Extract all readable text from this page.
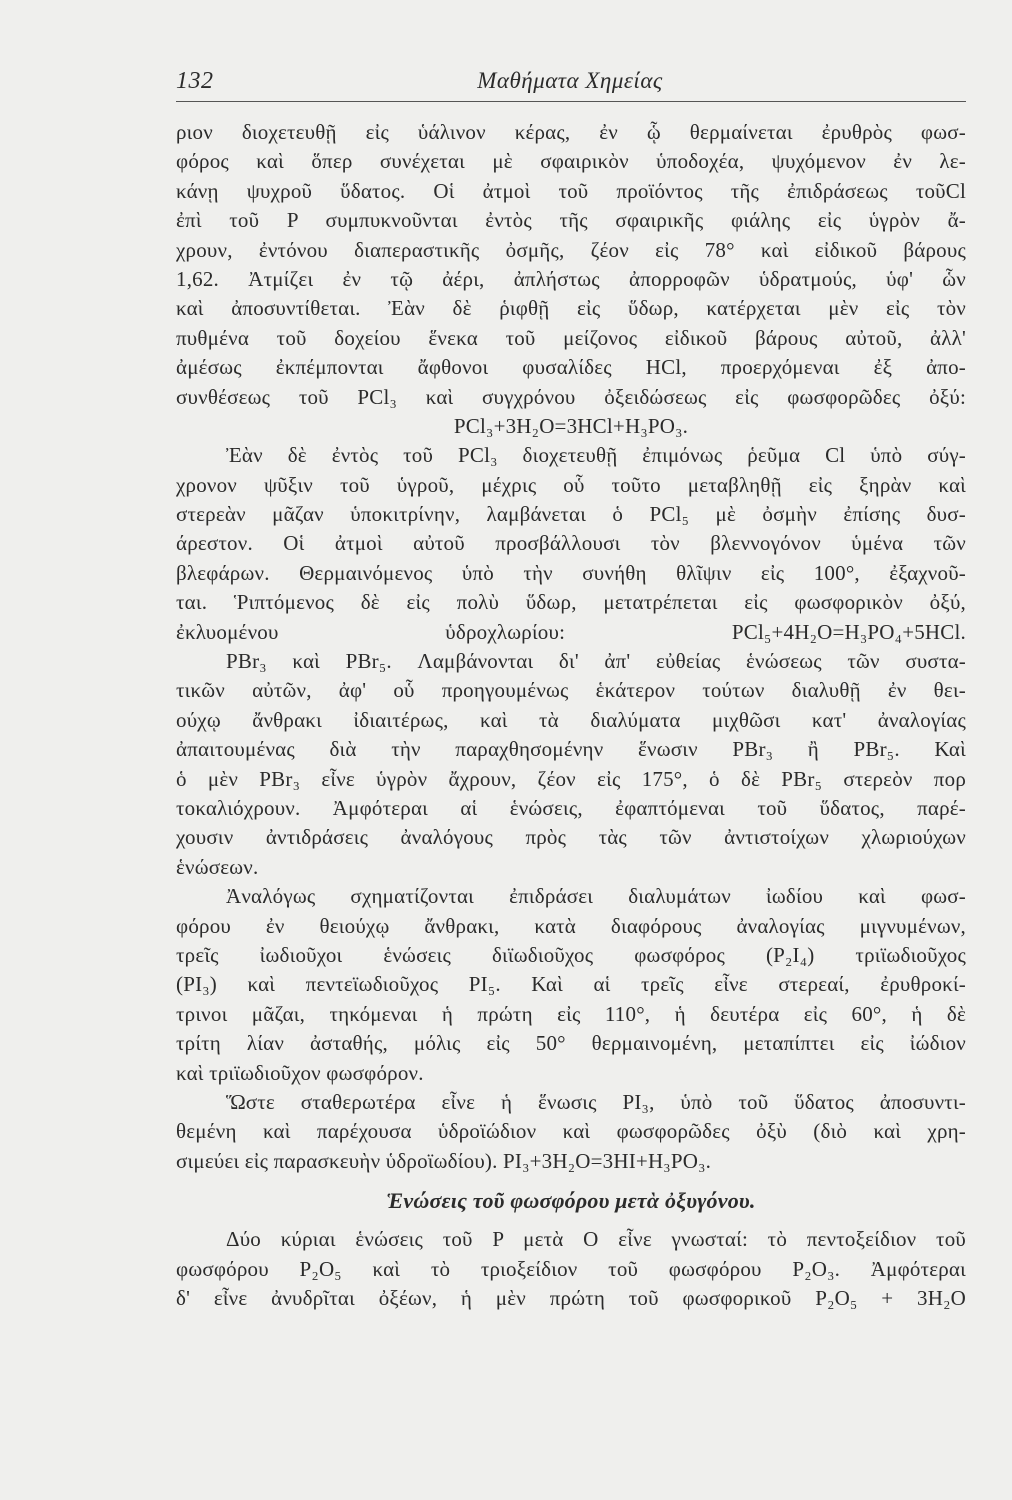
132	Μαθήματα Χημείας
ριον διοχετευθῇ εἰς ὑάλινον κέρας, ἐν ᾧ θερμαίνεται ἐρυθρὸς φωσ-
φόρος καὶ ὅπερ συνέχεται μὲ σφαιρικὸν ὑποδοχέα, ψυχόμενον ἐν λε-
κάνῃ ψυχροῦ ὕδατος. Οἱ ἀτμοὶ τοῦ προϊόντος τῆς ἐπιδράσεως τοῦCl
ἐπὶ τοῦ P συμπυκνοῦνται ἐντὸς τῆς σφαιρικῆς φιάλης εἰς ὑγρὸν ἄ-
χρουν, ἐντόνου διαπεραστικῆς ὀσμῆς, ζέον εἰς 78° καὶ εἰδικοῦ βάρους
1,62. Ἀτμίζει ἐν τῷ ἀέρι, ἀπλήστως ἀπορροφῶν ὑδρατμούς, ὑφ' ὧν
καὶ ἀποσυντίθεται. Ἐὰν δὲ ῥιφθῇ εἰς ὕδωρ, κατέρχεται μὲν εἰς τὸν
πυθμένα τοῦ δοχείου ἕνεκα τοῦ μείζονος εἰδικοῦ βάρους αὐτοῦ, ἀλλ'
ἀμέσως ἐκπέμπονται ἄφθονοι φυσαλίδες HCl, προερχόμεναι ἐξ ἀπο-
συνθέσεως τοῦ PCl₃ καὶ συγχρόνου ὀξειδώσεως εἰς φωσφορῶδες ὀξύ:
PCl₃+3H₂O=3HCl+H₃PO₃.
Ἐὰν δὲ ἐντὸς τοῦ PCl₃ διοχετευθῇ ἐπιμόνως ῥεῦμα Cl ὑπὸ σύγ-
χρονον ψῦξιν τοῦ ὑγροῦ, μέχρις οὗ τοῦτο μεταβληθῇ εἰς ξηρὰν καὶ
στερεὰν μᾶζαν ὑποκιτρίνην, λαμβάνεται ὁ PCl₅ μὲ ὀσμὴν ἐπίσης δυσ-
άρεστον. Οἱ ἀτμοὶ αὐτοῦ προσβάλλουσι τὸν βλεννογόνον ὑμένα τῶν
βλεφάρων. Θερμαινόμενος ὑπὸ τὴν συνήθη θλῖψιν εἰς 100°, ἐξαχνοῦ-
ται. Ῥιπτόμενος δὲ εἰς πολὺ ὕδωρ, μετατρέπεται εἰς φωσφορικὸν ὀξύ,
ἐκλυομένου ὑδροχλωρίου: PCl₅+4H₂O=H₃PO₄+5HCl.
PBr₃ καὶ PBr₅. Λαμβάνονται δι' ἀπ' εὐθείας ἑνώσεως τῶν συστα-
τικῶν αὐτῶν, ἀφ' οὗ προηγουμένως ἑκάτερον τούτων διαλυθῇ ἐν θει-
ούχῳ ἄνθρακι ἰδιαιτέρως, καὶ τὰ διαλύματα μιχθῶσι κατ' ἀναλογίας
ἀπαιτουμένας διὰ τὴν παραχθησομένην ἕνωσιν PBr₃ ἢ PBr₅. Καὶ
ὁ μὲν PBr₃ εἶνε ὑγρὸν ἄχρουν, ζέον εἰς 175°, ὁ δὲ PBr₅ στερεὸν πορ
τοκαλιόχρουν. Ἀμφότεραι αἱ ἑνώσεις, ἐφαπτόμεναι τοῦ ὕδατος, παρέ-
χουσιν ἀντιδράσεις ἀναλόγους πρὸς τὰς τῶν ἀντιστοίχων χλωριούχων
ἑνώσεων.
Ἀναλόγως σχηματίζονται ἐπιδράσει διαλυμάτων ἰωδίου καὶ φωσ-
φόρου ἐν θειούχῳ ἄνθρακι, κατὰ διαφόρους ἀναλογίας μιγνυμένων,
τρεῖς ἰωδιοῦχοι ἑνώσεις διϊωδιοῦχος φωσφόρος (P₂I₄) τριϊωδιοῦχος
(PI₃) καὶ πεντεϊωδιοῦχος PI₅. Καὶ αἱ τρεῖς εἶνε στερεαί, ἐρυθροκί-
τρινοι μᾶζαι, τηκόμεναι ἡ πρώτη εἰς 110°, ἡ δευτέρα εἰς 60°, ἡ δὲ
τρίτη λίαν ἀσταθής, μόλις εἰς 50° θερμαινομένη, μεταπίπτει εἰς ἰώδιον
καὶ τριϊωδιοῦχον φωσφόρον.
Ὥστε σταθερωτέρα εἶνε ἡ ἕνωσις PI₃, ὑπὸ τοῦ ὕδατος ἀποσυντι-
θεμένη καὶ παρέχουσα ὑδροϊώδιον καὶ φωσφορῶδες ὀξὺ (διὸ καὶ χρη-
σιμεύει εἰς παρασκευὴν ὑδροϊωδίου). PI₃+3H₂O=3HI+H₃PO₃.
Ἑνώσεις τοῦ φωσφόρου μετὰ ὀξυγόνου.
Δύο κύριαι ἑνώσεις τοῦ P μετὰ O εἶνε γνωσταί: τὸ πεντοξείδιον τοῦ
φωσφόρου P₂O₅ καὶ τὸ τριοξείδιον τοῦ φωσφόρου P₂O₃. Ἀμφότεραι
δ' εἶνε ἀνυδρῖται ὀξέων, ἡ μὲν πρώτη τοῦ φωσφορικοῦ P₂O₅ + 3H₂O
